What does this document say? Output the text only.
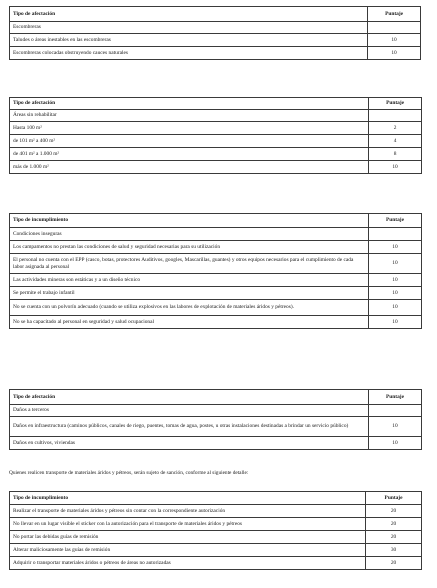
Tipo de afectación	Puntaje
Escombreras	
Taludes o áreas inestables en las escombreras	10
Escombreras colocadas obstruyendo cauces naturales	10
Tipo de afectación	Puntaje
Áreas sin rehabilitar	
Hasta 100 m²	2
de 101 m² a 400 m²	4
de 401 m² a 1.000 m²	8
más de 1.000 m²	10
Tipo de incumplimiento	Puntaje
Condiciones inseguras	
Los campamentos no prestan las condiciones de salud y seguridad necesarias para su utilización	10
El personal no cuenta con el EPP (casco, botas, protectores Auditivos, googles, Mascarillas, guantes) y otros equipos necesarios para el cumplimiento de cada labor asignada al personal	10
Las actividades mineras son estáticas y a un diseño técnico	10
Se permite el trabajo infantil	10
No se cuenta con un polvorín adecuado (cuando se utiliza explosivos en las labores de explotación de materiales áridos y pétreos).	10
No se ha capacitado al personal en seguridad y salud ocupacional	10
Tipo de afectación	Puntaje
Daños a terceros	
Daños en infraestructura (caminos públicos, canales de riego, puentes, tomas de agua, postes, u otras instalaciones destinadas a brindar un servicio público)	10
Daños en cultivos, viviendas	10

Quienes realicen transporte de materiales áridos y pétreos, serán sujeto de sanción, conforme al siguiente detalle:

Tipo de incumplimiento	Puntaje
Realizar el transporte de materiales áridos y pétreos sin contar con la correspondiente autorización	20
No llevar en un lugar visible el sticker con la autorización para el transporte de materiales áridos y pétreos	20
No portar las debidas guías de remisión	20
Alterar maliciosamente las guías de remisión	30
Adquirir o transportar materiales áridos o pétreos de áreas no autorizadas	20
